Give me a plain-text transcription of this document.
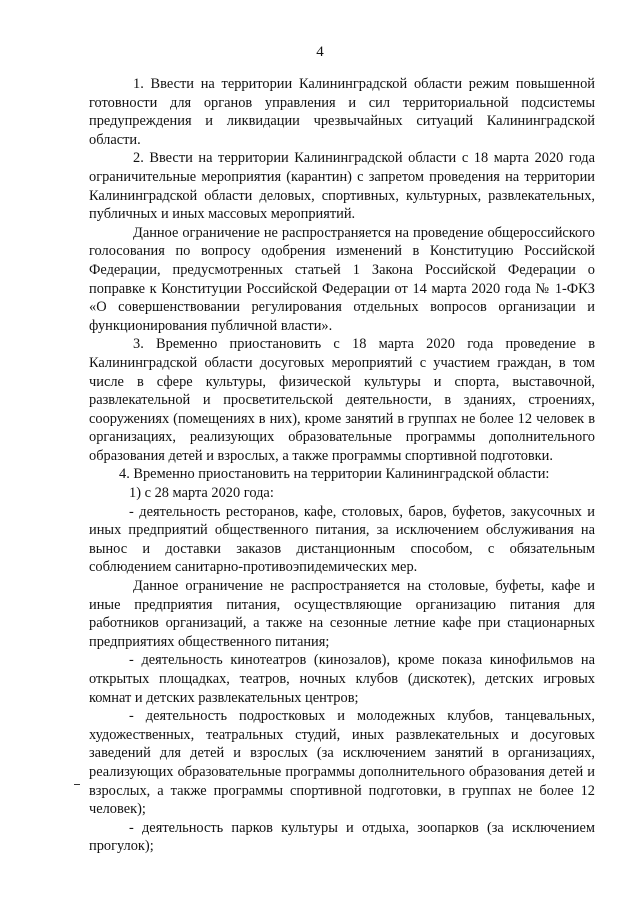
4

1. Ввести на территории Калининградской области режим повышенной готовности для органов управления и сил территориальной подсистемы предупреждения и ликвидации чрезвычайных ситуаций Калининградской области.

2. Ввести на территории Калининградской области с 18 марта 2020 года ограничительные мероприятия (карантин) с запретом проведения на территории Калининградской области деловых, спортивных, культурных, развлекательных, публичных и иных массовых мероприятий.

Данное ограничение не распространяется на проведение общероссийского голосования по вопросу одобрения изменений в Конституцию Российской Федерации, предусмотренных статьей 1 Закона Российской Федерации о поправке к Конституции Российской Федерации от 14 марта 2020 года № 1-ФКЗ «О совершенствовании регулирования отдельных вопросов организации и функционирования публичной власти».

3. Временно приостановить с 18 марта 2020 года проведение в Калининградской области досуговых мероприятий с участием граждан, в том числе в сфере культуры, физической культуры и спорта, выставочной, развлекательной и просветительской деятельности, в зданиях, строениях, сооружениях (помещениях в них), кроме занятий в группах не более 12 человек в организациях, реализующих образовательные программы дополнительного образования детей и взрослых, а также программы спортивной подготовки.

4. Временно приостановить на территории Калининградской области:

1) с 28 марта 2020 года:

- деятельность ресторанов, кафе, столовых, баров, буфетов, закусочных и иных предприятий общественного питания, за исключением обслуживания на вынос и доставки заказов дистанционным способом, с обязательным соблюдением санитарно-противоэпидемических мер.

Данное ограничение не распространяется на столовые, буфеты, кафе и иные предприятия питания, осуществляющие организацию питания для работников организаций, а также на сезонные летние кафе при стационарных предприятиях общественного питания;

- деятельность кинотеатров (кинозалов), кроме показа кинофильмов на открытых площадках, театров, ночных клубов (дискотек), детских игровых комнат и детских развлекательных центров;

- деятельность подростковых и молодежных клубов, танцевальных, художественных, театральных студий, иных развлекательных и досуговых заведений для детей и взрослых (за исключением занятий в организациях, реализующих образовательные программы дополнительного образования детей и взрослых, а также программы спортивной подготовки, в группах не более 12 человек);

- деятельность парков культуры и отдыха, зоопарков (за исключением прогулок);
